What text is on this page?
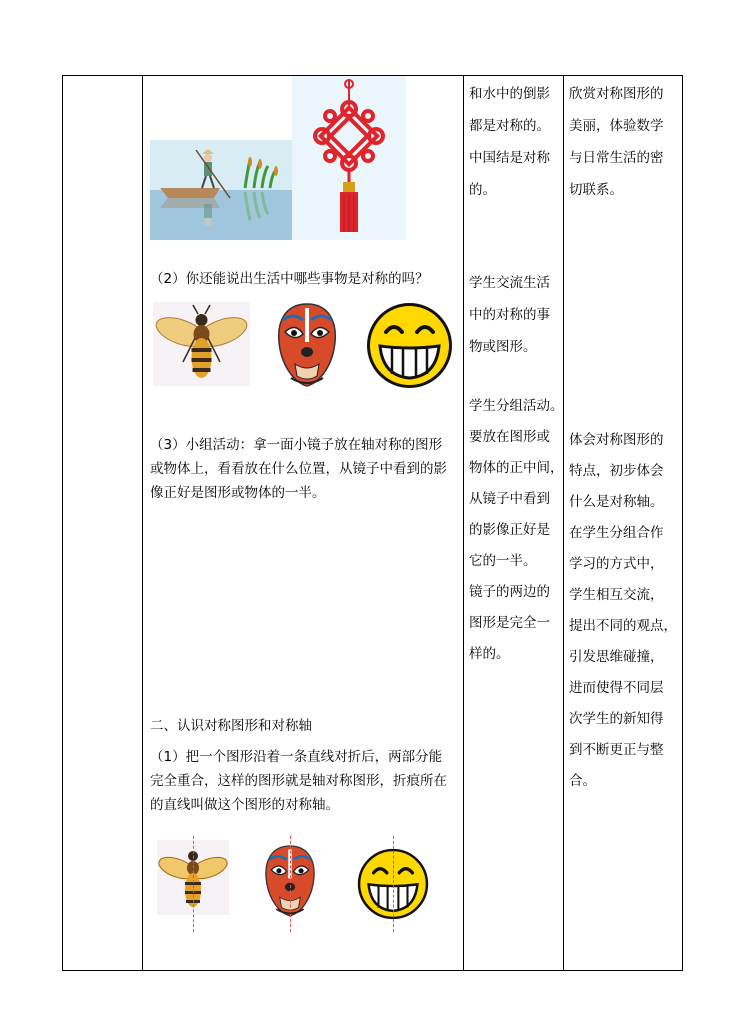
和水中的倒影
都是对称的。
中国结是对称
的。
欣赏对称图形的
美丽，体验数学
与日常生活的密
切联系。
（2）你还能说出生活中哪些事物是对称的吗？	学生交流生活
中的对称的事
物或图形。
学生分组活动。
要放在图形或
物体的正中间，
从镜子中看到
的影像正好是
它的一半。
镜子的两边的
图形是完全一
样的。
（3）小组活动：拿一面小镜子放在轴对称的图形
或物体上，看看放在什么位置，从镜子中看到的影
像正好是图形或物体的一半。
体会对称图形的
特点，初步体会
什么是对称轴。
在学生分组合作
学习的方式中，
学生相互交流，
提出不同的观点，
引发思维碰撞，
进而使得不同层
次学生的新知得
到不断更正与整
合。
二、认识对称图形和对称轴
（1）把一个图形沿着一条直线对折后，两部分能
完全重合，这样的图形就是轴对称图形，折痕所在
的直线叫做这个图形的对称轴。
